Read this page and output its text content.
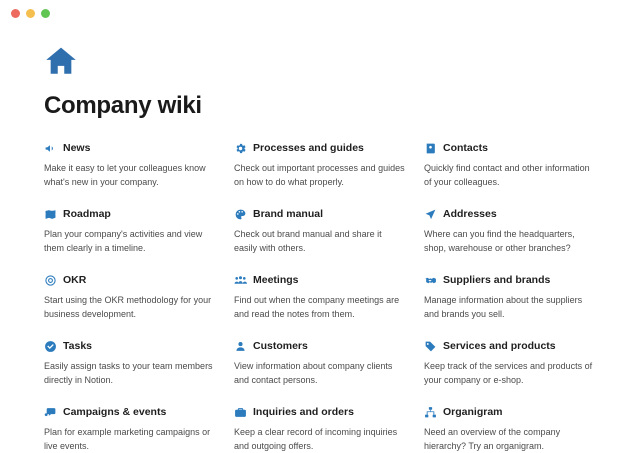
Company wiki
News

Make it easy to let your colleagues know what's new in your company.

Processes and guides

Check out important processes and guides on how to do what properly.

Contacts

Quickly find contact and other information of your colleagues.

Roadmap

Plan your company's activities and view them clearly in a timeline.

Brand manual

Check out brand manual and share it easily with others.

Addresses

Where can you find the headquarters, shop, warehouse or other branches?

OKR

Start using the OKR methodology for your business development.

Meetings

Find out when the company meetings are and read the notes from them.

Suppliers and brands

Manage information about the suppliers and brands you sell.

Tasks

Easily assign tasks to your team members directly in Notion.

Customers

View information about company clients and contact persons.

Services and products

Keep track of the services and products of your company or e-shop.

Campaigns & events

Plan for example marketing campaigns or live events.

Inquiries and orders

Keep a clear record of incoming inquiries and outgoing offers.

Organigram

Need an overview of the company hierarchy? Try an organigram.
